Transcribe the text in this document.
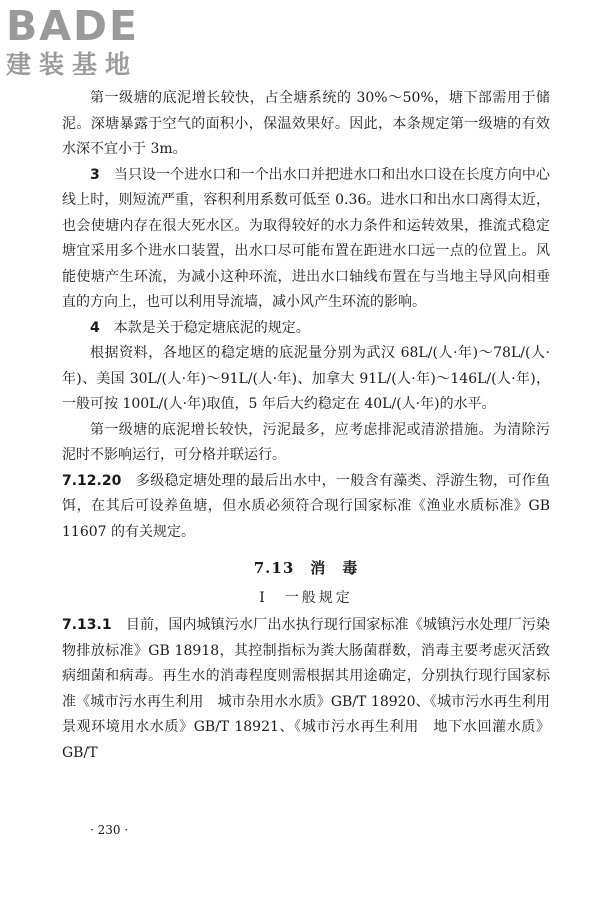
BADE
建装基地

第一级塘的底泥增长较快，占全塘系统的 30%～50%，塘下部需用于储泥。深塘暴露于空气的面积小，保温效果好。因此，本条规定第一级塘的有效水深不宜小于 3m。

3　 当只设一个进水口和一个出水口并把进水口和出水口设在长度方向中心线上时，则短流严重，容积利用系数可低至 0.36。进水口和出水口离得太近，也会使塘内存在很大死水区。为取得较好的水力条件和运转效果，推流式稳定塘宜采用多个进水口装置，出水口尽可能布置在距进水口远一点的位置上。风能使塘产生环流，为减小这种环流，进出水口轴线布置在与当地主导风向相垂直的方向上，也可以利用导流墙，减小风产生环流的影响。

4　 本款是关于稳定塘底泥的规定。

根据资料，各地区的稳定塘的底泥量分别为武汉 68L/(人·年)～78L/(人·年)、美国 30L/(人·年)～91L/(人·年)、加拿大 91L/(人·年)～146L/(人·年)，一般可按 100L/(人·年)取值，5 年后大约稳定在 40L/(人·年)的水平。

第一级塘的底泥增长较快，污泥最多，应考虑排泥或清淤措施。为清除污泥时不影响运行，可分格并联运行。

7.12.20　 多级稳定塘处理的最后出水中，一般含有藻类、浮游生物，可作鱼饵，在其后可设养鱼塘，但水质必须符合现行国家标准《渔业水质标准》GB 11607 的有关规定。

7.13　消　毒
Ⅰ　一般规定

7.13.1　 目前，国内城镇污水厂出水执行现行国家标准《城镇污水处理厂污染物排放标准》GB 18918，其控制指标为粪大肠菌群数，消毒主要考虑灭活致病细菌和病毒。再生水的消毒程度则需根据其用途确定，分别执行现行国家标准《城市污水再生利用　城市杂用水水质》GB/T 18920、《城市污水再生利用　景观环境用水水质》GB/T 18921、《城市污水再生利用　地下水回灌水质》GB/T

· 230 ·
